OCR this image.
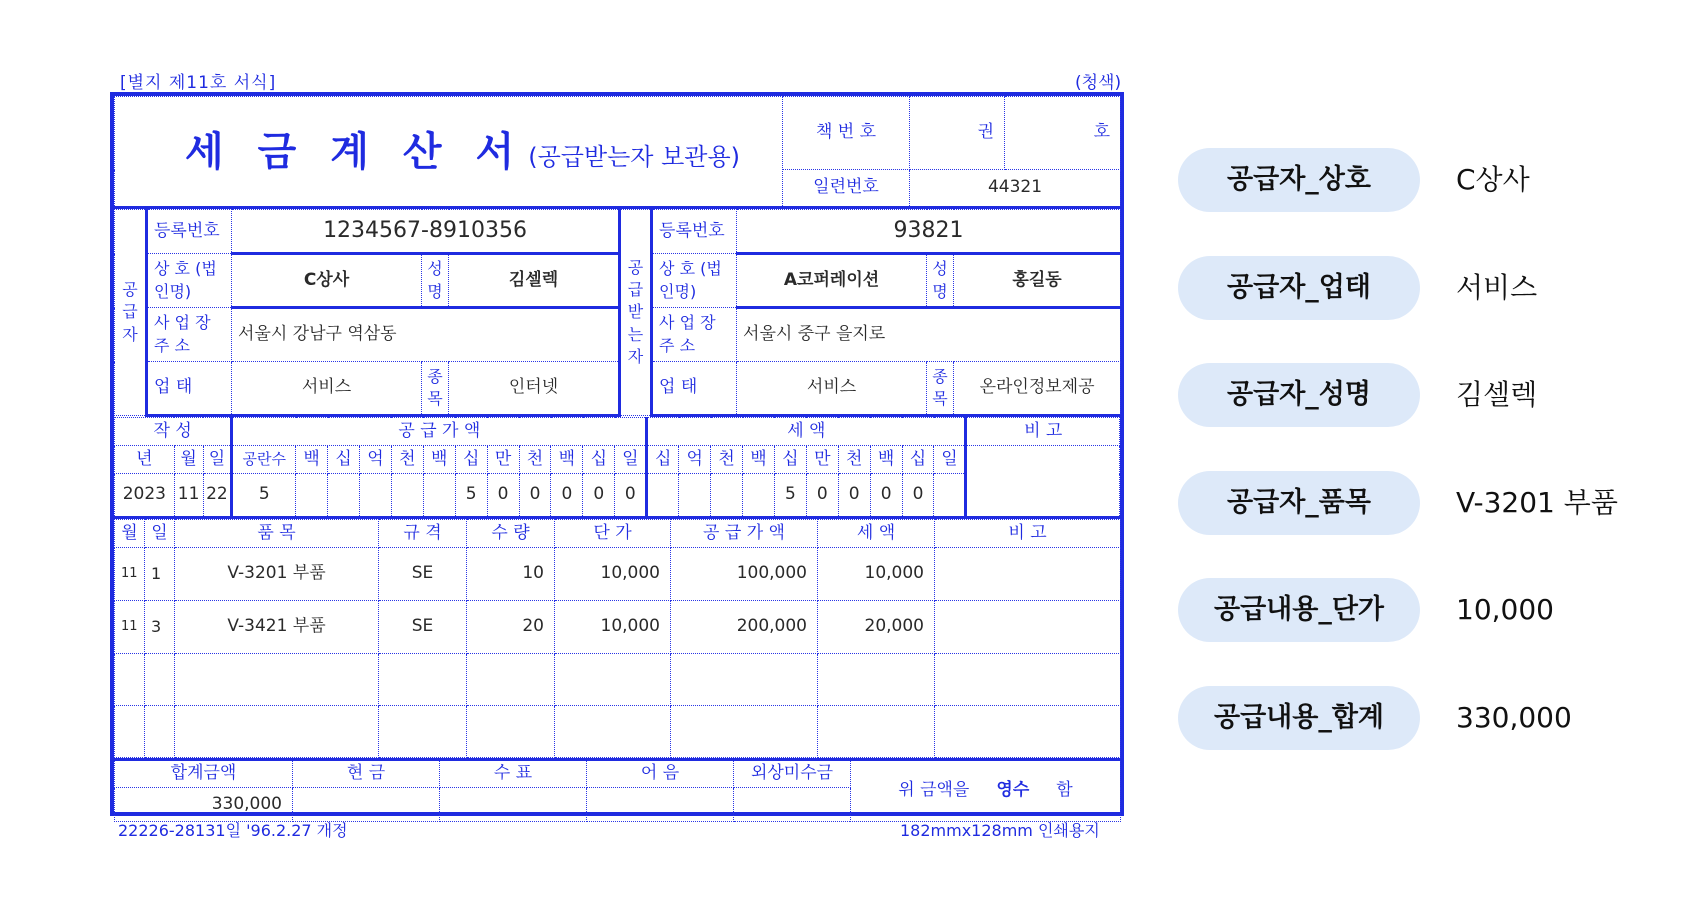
[별지 제11호 서식]	(청색)
세금계산서(공급받는자 보관용)	책 번 호	권	호
	일련번호	44321	
공급자	등록번호	1234567-8910356			공급받는자	등록번호	93821		
	상 호 (법인명)	C상사	성명	김셀렉		상 호 (법인명)	A코퍼레이션	성명	홍길동
	사 업 장 주 소	서울시 강남구 역삼동				사 업 장 주 소	서울시 중구 을지로		
	업 태	서비스	종목	인터넷		업 태	서비스	종목	온라인정보제공
작 성			공 급 가 액												세 액										비 고
년	월	일	공란수	백	십	억	천	백	십	만	천	백	십	일	십	억	천	백	십	만	천	백	십	일	
2023	11	22	5						5	0	0	0	0	0					5	0	0	0	0		
월	일	품 목	규 격	수 량	단 가	공 급 가 액	세 액	비 고
11	1	V-3201 부품	SE	10	10,000	100,000	10,000	
11	3	V-3421 부품	SE	20	10,000	200,000	20,000	

합계금액	현 금	수 표	어 음	외상미수금	위 금액을 영수 함
330,000					
22226-28131일 '96.2.27 개정	182mmx128mm 인쇄용지
공급자_상호	C상사
공급자_업태	서비스
공급자_성명	김셀렉
공급자_품목	V-3201 부품
공급내용_단가	10,000
공급내용_합계	330,000
